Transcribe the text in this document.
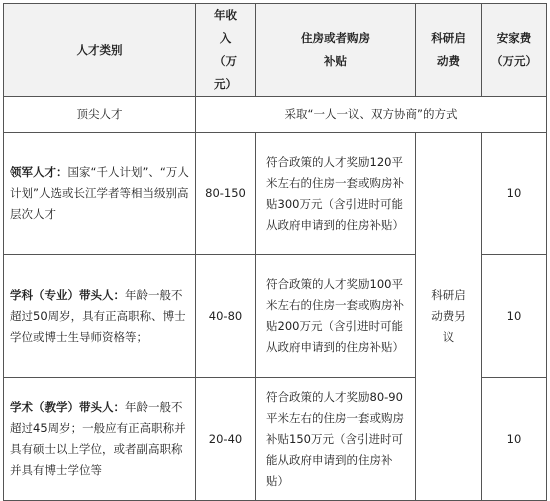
人才类别	年收入（万元）	住房或者购房补贴	科研启动费	安家费（万元）
顶尖人才	采取“一人一议、双方协商”的方式			
领军人才：国家“千人计划”、“万人计划”人选或长江学者等相当级别高层次人才	80-150	符合政策的人才奖励120平米左右的住房一套或购房补贴300万元（含引进时可能从政府申请到的住房补贴）	科研启动费另议	10
学科（专业）带头人：年龄一般不超过50周岁，具有正高职称、博士学位或博士生导师资格等；	40-80	符合政策的人才奖励100平米左右的住房一套或购房补贴200万元（含引进时可能从政府申请到的住房补贴）		10
学术（教学）带头人：年龄一般不超过45周岁；一般应有正高职称并具有硕士以上学位，或者副高职称并具有博士学位等	20-40	符合政策的人才奖励80-90平米左右的住房一套或购房补贴150万元（含引进时可能从政府申请到的住房补贴）		10
